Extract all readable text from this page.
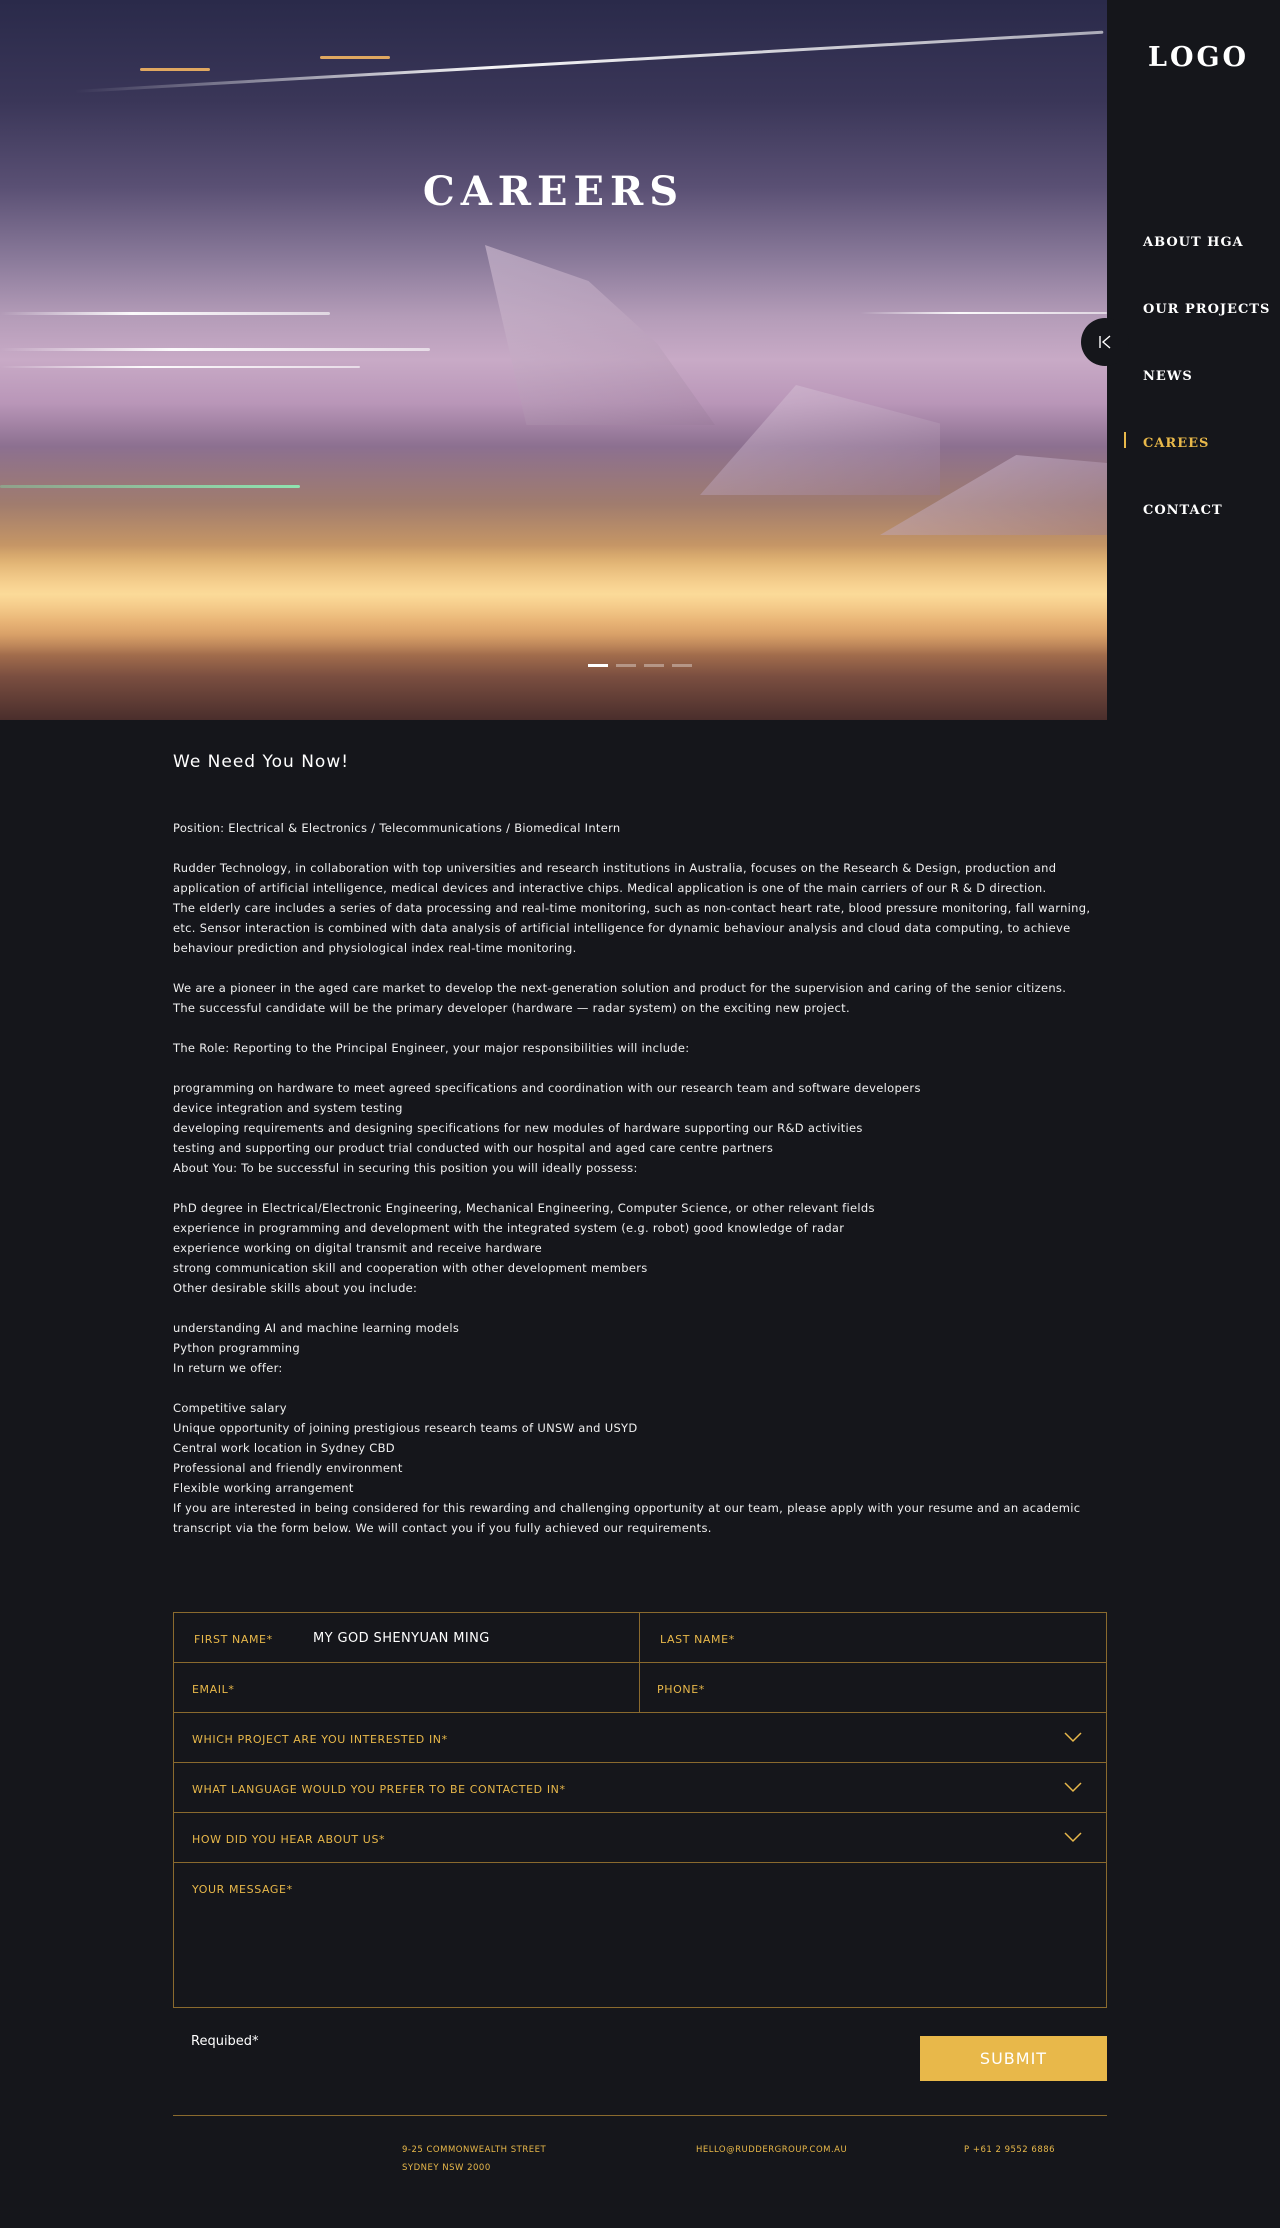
CAREERS
LOGO
ABOUT HGA
OUR PROJECTS
NEWS
CAREES
CONTACT
We Need You Now!
Position: Electrical & Electronics / Telecommunications / Biomedical Intern
Rudder Technology, in collaboration with top universities and research institutions in Australia, focuses on the Research & Design, production and
application of artificial intelligence, medical devices and interactive chips. Medical application is one of the main carriers of our R & D direction.
The elderly care includes a series of data processing and real-time monitoring, such as non-contact heart rate, blood pressure monitoring, fall warning,
etc. Sensor interaction is combined with data analysis of artificial intelligence for dynamic behaviour analysis and cloud data computing, to achieve
behaviour prediction and physiological index real-time monitoring.
We are a pioneer in the aged care market to develop the next-generation solution and product for the supervision and caring of the senior citizens.
The successful candidate will be the primary developer (hardware — radar system) on the exciting new project.
The Role: Reporting to the Principal Engineer, your major responsibilities will include:
programming on hardware to meet agreed specifications and coordination with our research team and software developers
device integration and system testing
developing requirements and designing specifications for new modules of hardware supporting our R&D activities
testing and supporting our product trial conducted with our hospital and aged care centre partners
About You: To be successful in securing this position you will ideally possess:
PhD degree in Electrical/Electronic Engineering, Mechanical Engineering, Computer Science, or other relevant fields
experience in programming and development with the integrated system (e.g. robot) good knowledge of radar
experience working on digital transmit and receive hardware
strong communication skill and cooperation with other development members
Other desirable skills about you include:
understanding AI and machine learning models
Python programming
In return we offer:
Competitive salary
Unique opportunity of joining prestigious research teams of UNSW and USYD
Central work location in Sydney CBD
Professional and friendly environment
Flexible working arrangement
If you are interested in being considered for this rewarding and challenging opportunity at our team, please apply with your resume and an academic
transcript via the form below. We will contact you if you fully achieved our requirements.
FIRST NAME*	MY GOD SHENYUAN MING	LAST NAME*
EMAIL*	PHONE*
WHICH PROJECT ARE YOU INTERESTED IN*
WHAT LANGUAGE WOULD YOU PREFER TO BE CONTACTED IN*
HOW DID YOU HEAR ABOUT US*
YOUR MESSAGE*
Requibed*
SUBMIT
9-25 COMMONWEALTH STREET
SYDNEY NSW 2000
HELLO@RUDDERGROUP.COM.AU	P +61 2 9552 6886
